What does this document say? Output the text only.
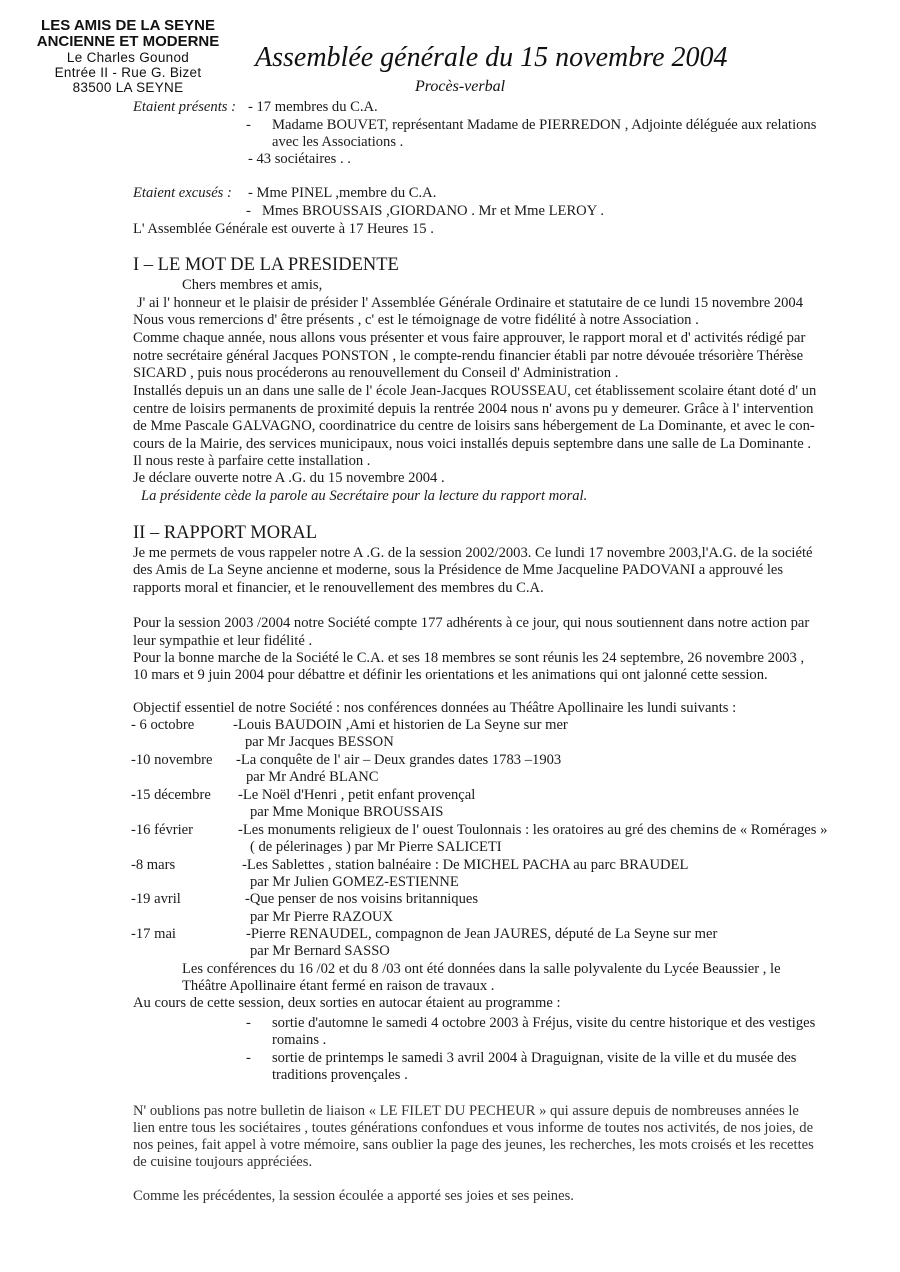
LES AMIS DE LA SEYNE
ANCIENNE ET MODERNE
Le Charles Gounod
Entrée II - Rue G. Bizet
83500 LA SEYNE
Assemblée générale du 15 novembre 2004
Procès-verbal
Etaient présents : - 17 membres du C.A.
- Madame BOUVET, représentant Madame de PIERREDON , Adjointe déléguée aux relations
avec les Associations .
- 43 sociétaires . .
Etaient excusés : - Mme PINEL ,membre du C.A.
- Mmes BROUSSAIS ,GIORDANO . Mr et Mme LEROY .
L' Assemblée Générale est ouverte à 17 Heures 15 .
I – LE MOT DE LA PRESIDENTE
Chers membres et amis,
J' ai l' honneur et le plaisir de présider l' Assemblée Générale Ordinaire et statutaire de ce lundi 15 novembre 2004
Nous vous remercions d' être présents , c' est le témoignage de votre fidélité à notre Association .
Comme chaque année, nous allons vous présenter et vous faire approuver, le rapport moral et d' activités rédigé par
notre secrétaire général Jacques PONSTON , le compte-rendu financier établi par notre dévouée trésorière Thérèse
SICARD , puis nous procéderons au renouvellement du Conseil d' Administration .
Installés depuis un an dans une salle de l' école Jean-Jacques ROUSSEAU, cet établissement scolaire étant doté d' un
centre de loisirs permanents de proximité depuis la rentrée 2004 nous n' avons pu y demeurer. Grâce à l' intervention
de Mme Pascale GALVAGNO, coordinatrice du centre de loisirs sans hébergement de La Dominante, et avec le con-
cours de la Mairie, des services municipaux, nous voici installés depuis septembre dans une salle de La Dominante .
Il nous reste à parfaire cette installation .
Je déclare ouverte notre A .G. du 15 novembre 2004 .
La présidente cède la parole au Secrétaire pour la lecture du rapport moral.
II – RAPPORT MORAL
Je me permets de vous rappeler notre A .G. de la session 2002/2003. Ce lundi 17 novembre 2003,l'A.G. de la société
des Amis de La Seyne ancienne et moderne, sous la Présidence de Mme Jacqueline PADOVANI a approuvé les
rapports moral et financier, et le renouvellement des membres du C.A.
Pour la session 2003 /2004 notre Société compte 177 adhérents à ce jour, qui nous soutiennent dans notre action par
leur sympathie et leur fidélité .
Pour la bonne marche de la Société le C.A. et ses 18 membres se sont réunis les 24 septembre, 26 novembre 2003 ,
10 mars et 9 juin 2004 pour débattre et définir les orientations et les animations qui ont jalonné cette session.
Objectif essentiel de notre Société : nos conférences données au Théâtre Apollinaire les lundi suivants :
- 6 octobre	-Louis BAUDOIN ,Ami et historien de La Seyne sur mer
par Mr Jacques BESSON
-10 novembre -La conquête de l' air – Deux grandes dates 1783 –1903
par Mr André BLANC
-15 décembre -Le Noël d'Henri , petit enfant provençal
par Mme Monique BROUSSAIS
-16 février	-Les monuments religieux de l' ouest Toulonnais : les oratoires au gré des chemins de « Romérages »
( de pélerinages ) par Mr Pierre SALICETI
-8 mars	-Les Sablettes , station balnéaire : De MICHEL PACHA au parc BRAUDEL
par Mr Julien GOMEZ-ESTIENNE
-19 avril	-Que penser de nos voisins britanniques
par Mr Pierre RAZOUX
-17 mai	-Pierre RENAUDEL, compagnon de Jean JAURES, député de La Seyne sur mer
par Mr Bernard SASSO
Les conférences du 16 /02 et du 8 /03 ont été données dans la salle polyvalente du Lycée Beaussier , le
Théâtre Apollinaire étant fermé en raison de travaux .
Au cours de cette session, deux sorties en autocar étaient au programme :
- sortie d'automne le samedi 4 octobre 2003 à Fréjus, visite du centre historique et des vestiges
romains .
- sortie de printemps le samedi 3 avril 2004 à Draguignan, visite de la ville et du musée des
traditions provençales .
N' oublions pas notre bulletin de liaison « LE FILET DU PECHEUR » qui assure depuis de nombreuses années le
lien entre tous les sociétaires , toutes générations confondues et vous informe de toutes nos activités, de nos joies, de
nos peines, fait appel à votre mémoire, sans oublier la page des jeunes, les recherches, les mots croisés et les recettes
de cuisine toujours appréciées.
Comme les précédentes, la session écoulée a apporté ses joies et ses peines.
